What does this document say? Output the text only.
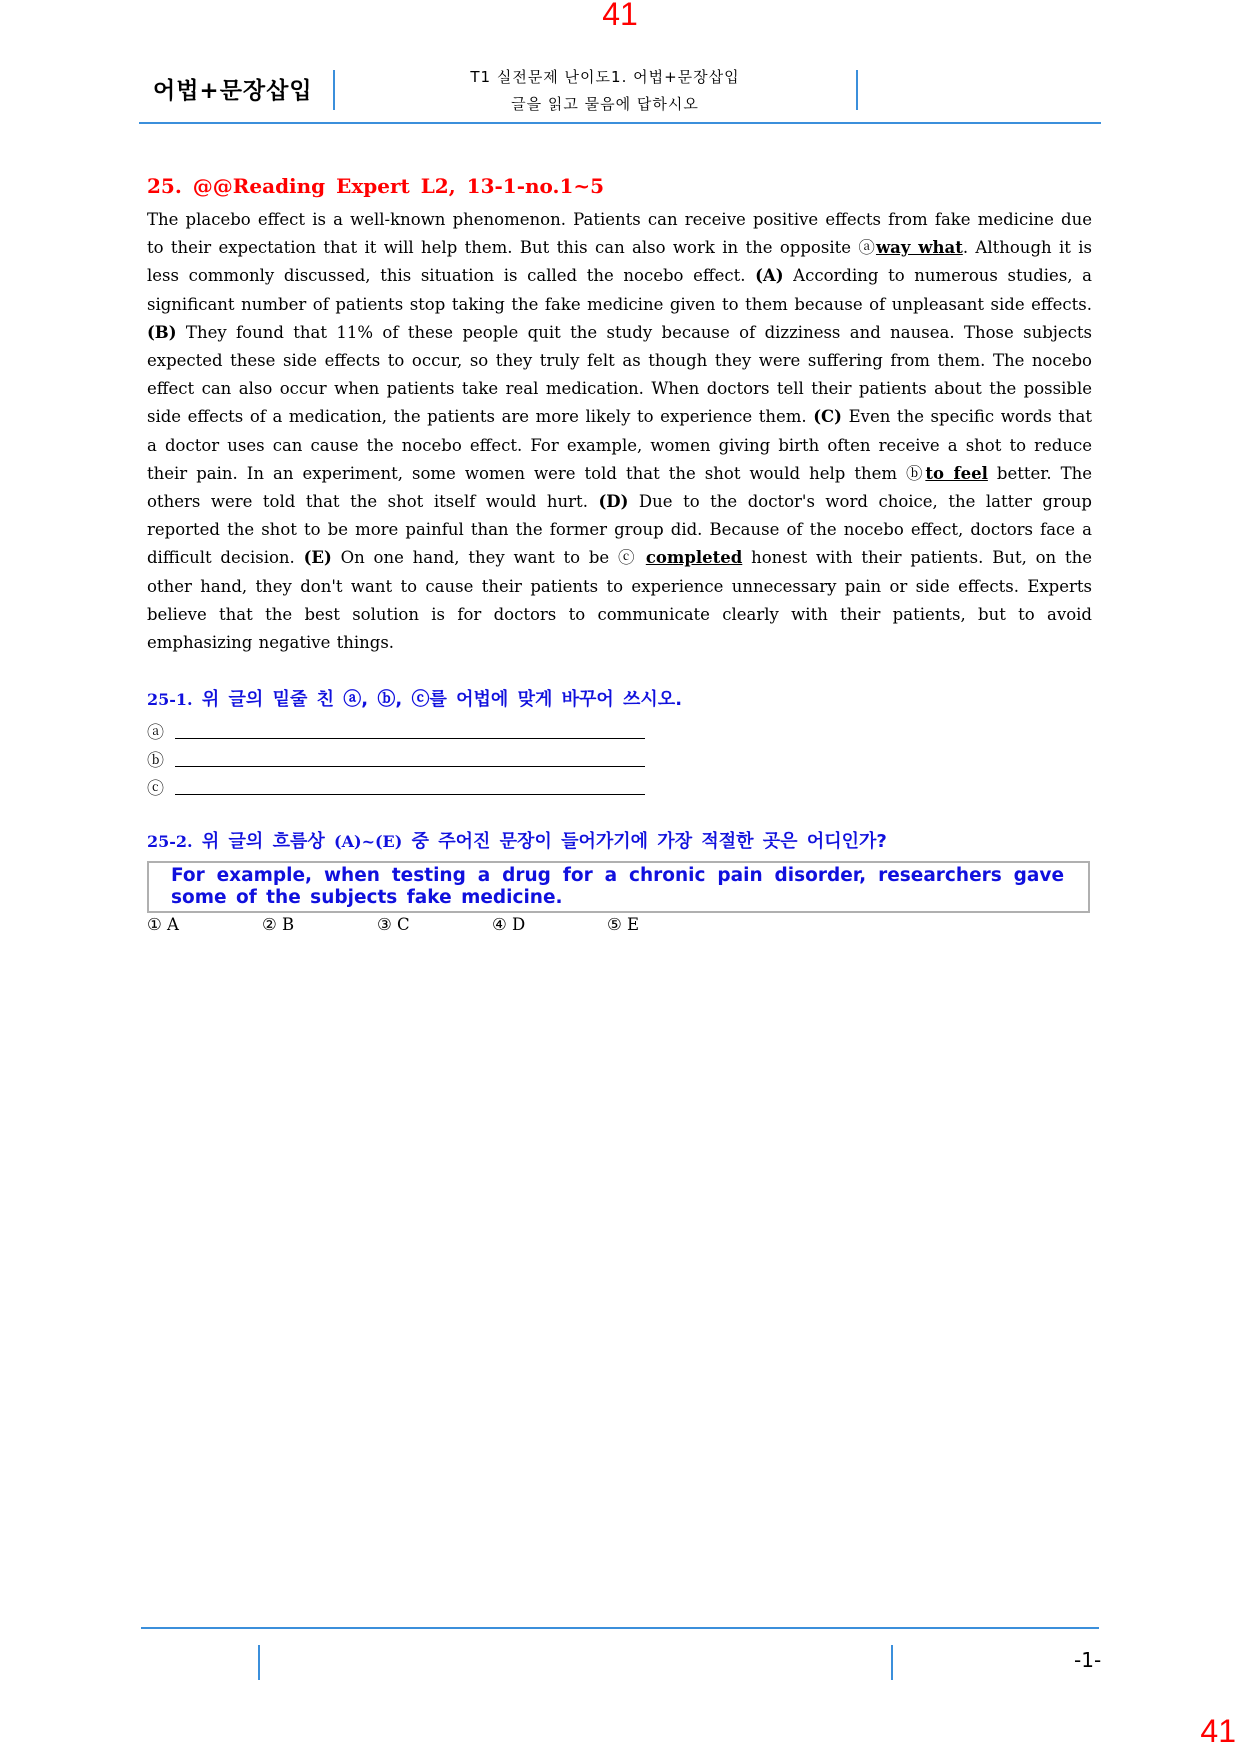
41
어법+문장삽입
T1 실전문제 난이도1. 어법+문장삽입
글을 읽고 물음에 답하시오
25. @@Reading Expert L2, 13-1-no.1~5

The placebo effect is a well-known phenomenon. Patients can receive positive effects from fake medicine due to their expectation that it will help them. But this can also work in the opposite ⓐway what. Although it is less commonly discussed, this situation is called the nocebo effect. (A) According to numerous studies, a significant number of patients stop taking the fake medicine given to them because of unpleasant side effects. (B) They found that 11% of these people quit the study because of dizziness and nausea. Those subjects expected these side effects to occur, so they truly felt as though they were suffering from them. The nocebo effect can also occur when patients take real medication. When doctors tell their patients about the possible side effects of a medication, the patients are more likely to experience them. (C) Even the specific words that a doctor uses can cause the nocebo effect. For example, women giving birth often receive a shot to reduce their pain. In an experiment, some women were told that the shot would help them ⓑto feel better. The others were told that the shot itself would hurt. (D) Due to the doctor's word choice, the latter group reported the shot to be more painful than the former group did. Because of the nocebo effect, doctors face a difficult decision. (E) On one hand, they want to be ⓒ completed honest with their patients. But, on the other hand, they don't want to cause their patients to experience unnecessary pain or side effects. Experts believe that the best solution is for doctors to communicate clearly with their patients, but to avoid emphasizing negative things.

25-1. 위 글의 밑줄 친 ⓐ, ⓑ, ⓒ를 어법에 맞게 바꾸어 쓰시오.
ⓐ
ⓑ
ⓒ
25-2. 위 글의 흐름상 (A)~(E) 중 주어진 문장이 들어가기에 가장 적절한 곳은 어디인가?
For example, when testing a drug for a chronic pain disorder, researchers gave some of the subjects fake medicine.
① A	② B	③ C	④ D	⑤ E
-1-
41
